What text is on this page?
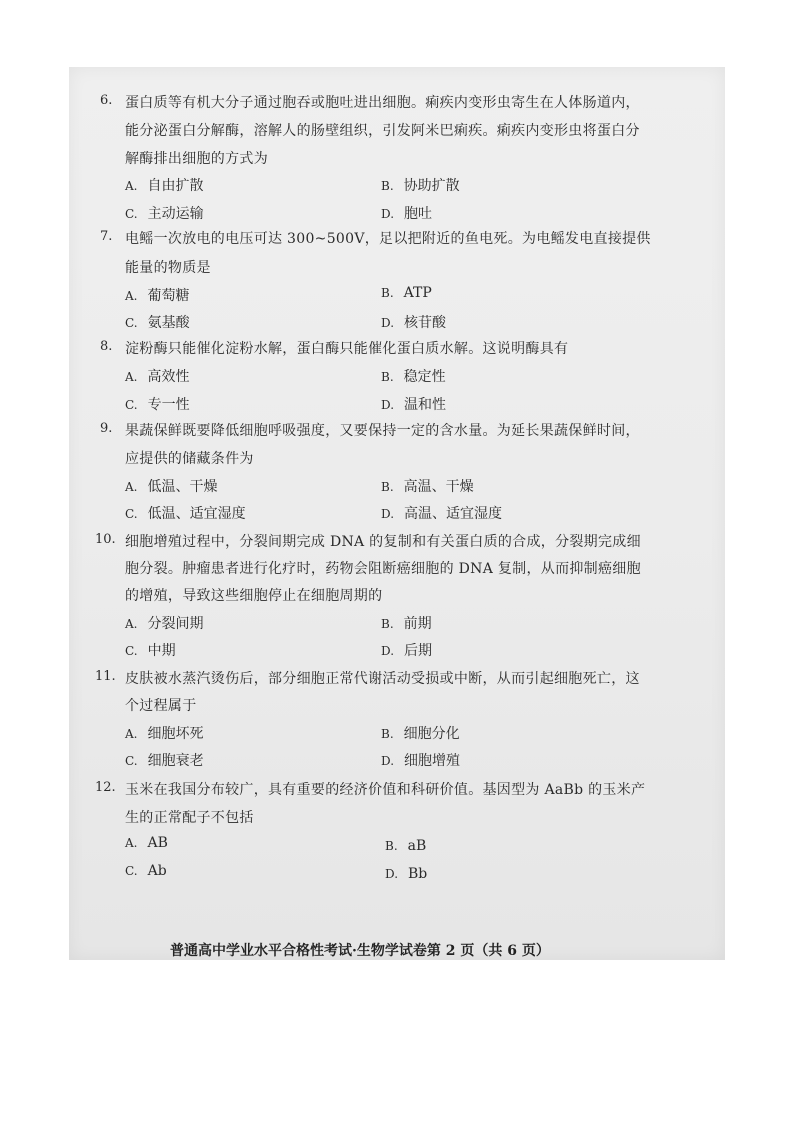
6. 蛋白质等有机大分子通过胞吞或胞吐进出细胞。痢疾内变形虫寄生在人体肠道内，
能分泌蛋白分解酶，溶解人的肠壁组织，引发阿米巴痢疾。痢疾内变形虫将蛋白分
解酶排出细胞的方式为
A. 自由扩散	B. 协助扩散
C. 主动运输	D. 胞吐
7. 电鳐一次放电的电压可达 300~500V，足以把附近的鱼电死。为电鳐发电直接提供
能量的物质是
A. 葡萄糖	B. ATP
C. 氨基酸	D. 核苷酸
8. 淀粉酶只能催化淀粉水解，蛋白酶只能催化蛋白质水解。这说明酶具有
A. 高效性	B. 稳定性
C. 专一性	D. 温和性
9. 果蔬保鲜既要降低细胞呼吸强度，又要保持一定的含水量。为延长果蔬保鲜时间，
应提供的储藏条件为
A. 低温、干燥	B. 高温、干燥
C. 低温、适宜湿度	D. 高温、适宜湿度
10. 细胞增殖过程中，分裂间期完成 DNA 的复制和有关蛋白质的合成，分裂期完成细
胞分裂。肿瘤患者进行化疗时，药物会阻断癌细胞的 DNA 复制，从而抑制癌细胞
的增殖，导致这些细胞停止在细胞周期的
A. 分裂间期	B. 前期
C. 中期	D. 后期
11. 皮肤被水蒸汽烫伤后，部分细胞正常代谢活动受损或中断，从而引起细胞死亡，这
个过程属于
A. 细胞坏死	B. 细胞分化
C. 细胞衰老	D. 细胞增殖
12. 玉米在我国分布较广，具有重要的经济价值和科研价值。基因型为 AaBb 的玉米产
生的正常配子不包括
A. AB	B. aB
C. Ab	D. Bb
普通高中学业水平合格性考试·生物学试卷第 2 页（共 6 页）
